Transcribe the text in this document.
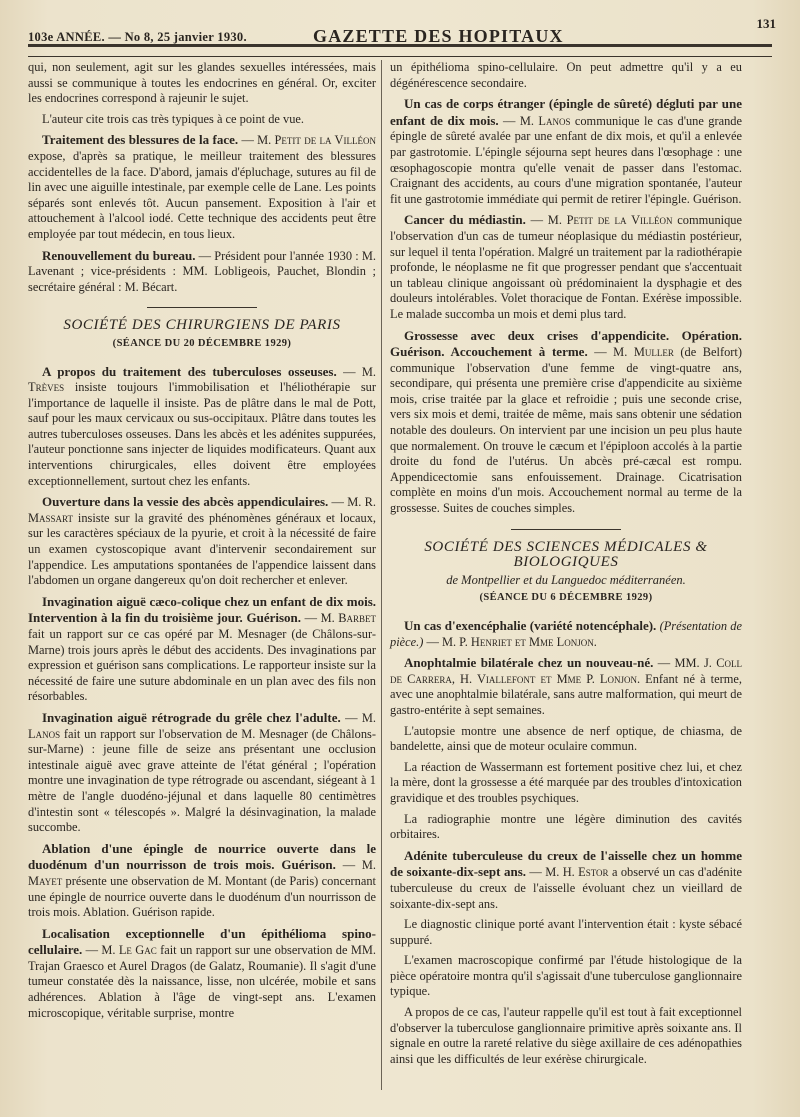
103e ANNÉE. — No 8, 25 janvier 1930.	GAZETTE DES HOPITAUX
131

qui, non seulement, agit sur les glandes sexuelles intéressées, mais aussi se communique à toutes les endocrines en général. Or, exciter les endocrines correspond à rajeunir le sujet.

L'auteur cite trois cas très typiques à ce point de vue.

Traitement des blessures de la face. — M. Petit de la Villéon expose, d'après sa pratique, le meilleur traitement des blessures accidentelles de la face. D'abord, jamais d'épluchage, sutures au fil de lin avec une aiguille intestinale, par exemple celle de Lane. Les points séparés sont enlevés tôt. Aucun pansement. Exposition à l'air et attouchement à l'alcool iodé. Cette technique des accidents peut être employée par tout médecin, en tous lieux.

Renouvellement du bureau. — Président pour l'année 1930 : M. Lavenant ; vice-présidents : MM. Lobligeois, Pauchet, Blondin ; secrétaire général : M. Bécart.

SOCIÉTÉ DES CHIRURGIENS DE PARIS
(SÉANCE DU 20 DÉCEMBRE 1929)

A propos du traitement des tuberculoses osseuses. — M. Trèves insiste toujours l'immobilisation et l'héliothérapie sur l'importance de laquelle il insiste. Pas de plâtre dans le mal de Pott, sauf pour les maux cervicaux ou sus-occipitaux. Plâtre dans toutes les autres tuberculoses osseuses. Dans les abcès et les adénites suppurées, l'auteur ponctionne sans injecter de liquides modificateurs. Quant aux interventions chirurgicales, elles doivent être employées exceptionnellement, surtout chez les enfants.

Ouverture dans la vessie des abcès appendiculaires. — M. R. Massart insiste sur la gravité des phénomènes généraux et locaux, sur les caractères spéciaux de la pyurie, et croit à la nécessité de faire un examen cystoscopique avant d'intervenir secondairement sur l'appendice. Les amputations spontanées de l'appendice laissent dans l'abdomen un organe dangereux qu'on doit rechercher et enlever.

Invagination aiguë cæco-colique chez un enfant de dix mois. Intervention à la fin du troisième jour. Guérison. — M. Barbet fait un rapport sur ce cas opéré par M. Mesnager (de Châlons-sur-Marne) trois jours après le début des accidents. Des invaginations par expression et guérison sans complications. Le rapporteur insiste sur la nécessité de faire une suture abdominale en un plan avec des fils non résorbables.

Invagination aiguë rétrograde du grêle chez l'adulte. — M. Lanos fait un rapport sur l'observation de M. Mesnager (de Châlons-sur-Marne) : jeune fille de seize ans présentant une occlusion intestinale aiguë avec grave atteinte de l'état général ; l'opération montre une invagination de type rétrograde ou ascendant, siégeant à 1 mètre de l'angle duodéno-jéjunal et dans laquelle 80 centimètres d'intestin sont « télescopés ». Malgré la désinvagination, la malade succombe.

Ablation d'une épingle de nourrice ouverte dans le duodénum d'un nourrisson de trois mois. Guérison. — M. Mayet présente une observation de M. Montant (de Paris) concernant une épingle de nourrice ouverte dans le duodénum d'un nourrisson de trois mois. Ablation. Guérison rapide.

Localisation exceptionnelle d'un épithélioma spino-cellulaire. — M. Le Gac fait un rapport sur une observation de MM. Trajan Graesco et Aurel Dragos (de Galatz, Roumanie). Il s'agit d'une tumeur constatée dès la naissance, lisse, non ulcérée, mobile et sans adhérences. Ablation à l'âge de vingt-sept ans. L'examen microscopique, véritable surprise, montre

un épithélioma spino-cellulaire. On peut admettre qu'il y a eu dégénérescence secondaire.

Un cas de corps étranger (épingle de sûreté) dégluti par une enfant de dix mois. — M. Lanos communique le cas d'une grande épingle de sûreté avalée par une enfant de dix mois, et qu'il a enlevée par gastrotomie. L'épingle séjourna sept heures dans l'œsophage : une œsophagoscopie montra qu'elle venait de passer dans l'estomac. Craignant des accidents, au cours d'une migration spontanée, l'auteur fit une gastrotomie immédiate qui permit de retirer l'épingle. Guérison.

Cancer du médiastin. — M. Petit de la Villéon communique l'observation d'un cas de tumeur néoplasique du médiastin postérieur, sur lequel il tenta l'opération. Malgré un traitement par la radiothérapie profonde, le néoplasme ne fit que progresser pendant que s'accentuait un tableau clinique angoissant où prédominaient la dysphagie et des douleurs intolérables. Volet thoracique de Fontan. Exérèse impossible. Le malade succomba un mois et demi plus tard.

Grossesse avec deux crises d'appendicite. Opération. Guérison. Accouchement à terme. — M. Muller (de Belfort) communique l'observation d'une femme de vingt-quatre ans, secondipare, qui présenta une première crise d'appendicite au sixième mois, crise traitée par la glace et refroidie ; puis une seconde crise, vers six mois et demi, traitée de même, mais sans obtenir une sédation notable des douleurs. On intervient par une incision un peu plus haute que normalement. On trouve le cæcum et l'épiploon accolés à la partie droite du fond de l'utérus. Un abcès pré-cæcal est rompu. Appendicectomie sans enfouissement. Drainage. Cicatrisation complète en moins d'un mois. Accouchement normal au terme de la grossesse. Suites de couches simples.

SOCIÉTÉ DES SCIENCES MÉDICALES & BIOLOGIQUES
de Montpellier et du Languedoc méditerranéen.
(SÉANCE DU 6 DÉCEMBRE 1929)

Un cas d'exencéphalie (variété notencéphale). (Présentation de pièce.) — M. P. Henriet et Mme Lonjon.

Anophtalmie bilatérale chez un nouveau-né. — MM. J. Coll de Carrera, H. Viallefont et Mme P. Lonjon. Enfant né à terme, avec une anophtalmie bilatérale, sans autre malformation, qui meurt de gastro-entérite à sept semaines.

L'autopsie montre une absence de nerf optique, de chiasma, de bandelette, ainsi que de moteur oculaire commun.

La réaction de Wassermann est fortement positive chez lui, et chez la mère, dont la grossesse a été marquée par des troubles d'intoxication gravidique et des troubles psychiques.

La radiographie montre une légère diminution des cavités orbitaires.

Adénite tuberculeuse du creux de l'aisselle chez un homme de soixante-dix-sept ans. — M. H. Estor a observé un cas d'adénite tuberculeuse du creux de l'aisselle évoluant chez un vieillard de soixante-dix-sept ans.

Le diagnostic clinique porté avant l'intervention était : kyste sébacé suppuré.

L'examen macroscopique confirmé par l'étude histologique de la pièce opératoire montra qu'il s'agissait d'une tuberculose ganglionnaire typique.

A propos de ce cas, l'auteur rappelle qu'il est tout à fait exceptionnel d'observer la tuberculose ganglionnaire primitive après soixante ans. Il signale en outre la rareté relative du siège axillaire de ces adénopathies ainsi que les difficultés de leur exérèse chirurgicale.
